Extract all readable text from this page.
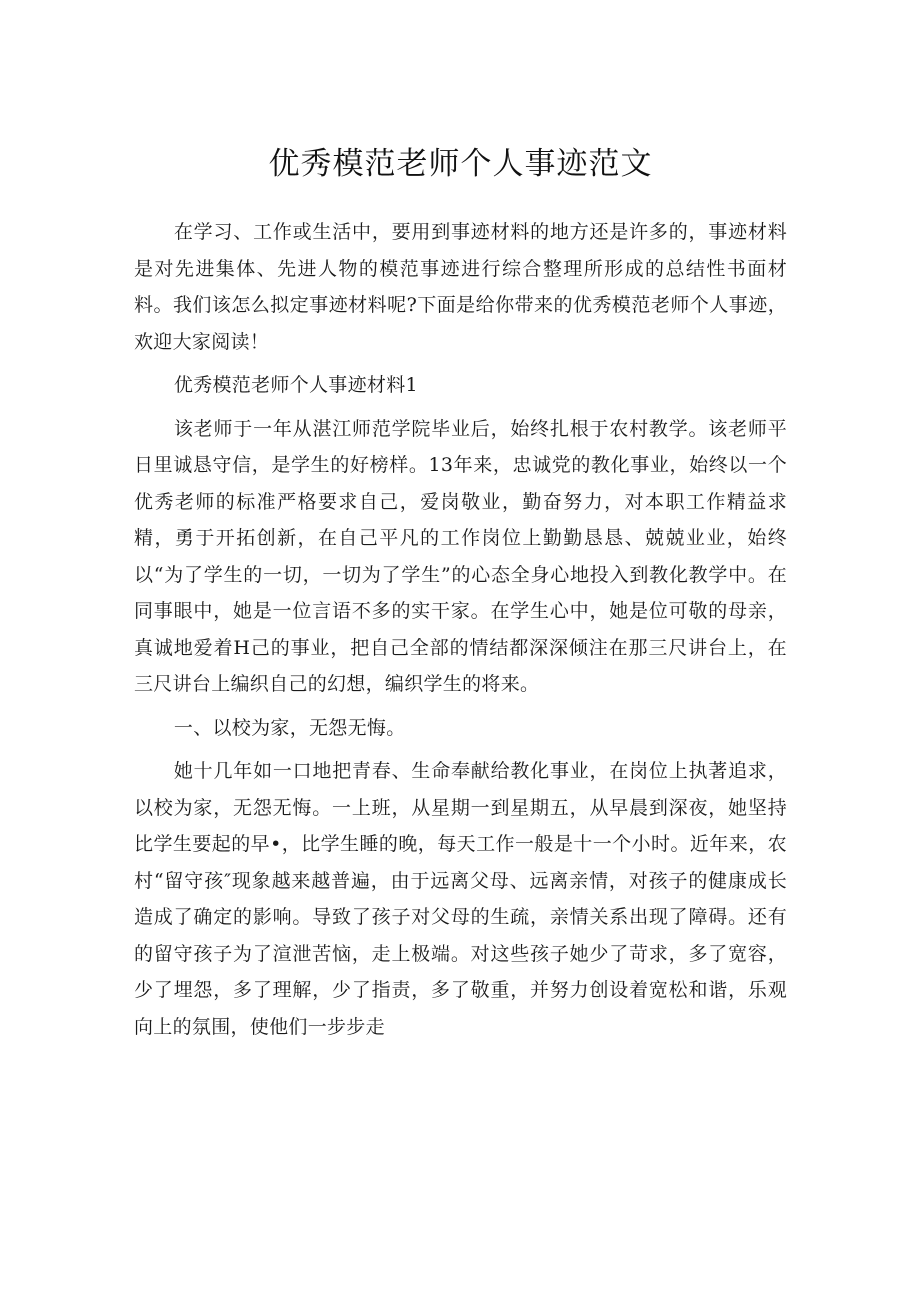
优秀模范老师个人事迹范文

在学习、工作或生活中，要用到事迹材料的地方还是许多的，事迹材料是对先进集体、先进人物的模范事迹进行综合整理所形成的总结性书面材料。我们该怎么拟定事迹材料呢?下面是给你带来的优秀模范老师个人事迹，欢迎大家阅读！

优秀模范老师个人事迹材料1

该老师于一年从湛江师范学院毕业后，始终扎根于农村教学。该老师平日里诚恳守信，是学生的好榜样。13年来，忠诚党的教化事业，始终以一个优秀老师的标准严格要求自己，爱岗敬业，勤奋努力，对本职工作精益求精，勇于开拓创新，在自己平凡的工作岗位上勤勤恳恳、兢兢业业，始终以“为了学生的一切，一切为了学生”的心态全身心地投入到教化教学中。在同事眼中，她是一位言语不多的实干家。在学生心中，她是位可敬的母亲，真诚地爱着H己的事业，把自己全部的情结都深深倾注在那三尺讲台上，在三尺讲台上编织自己的幻想，编织学生的将来。

一、以校为家，无怨无悔。

她十几年如一口地把青春、生命奉献给教化事业，在岗位上执著追求，以校为家，无怨无悔。一上班，从星期一到星期五，从早晨到深夜，她坚持比学生要起的早•，比学生睡的晚，每天工作一般是十一个小时。近年来，农村“留守孩″现象越来越普遍，由于远离父母、远离亲情，对孩子的健康成长造成了确定的影响。导致了孩子对父母的生疏，亲情关系出现了障碍。还有的留守孩子为了渲泄苦恼，走上极端。对这些孩子她少了苛求，多了宽容，少了埋怨，多了理解，少了指责，多了敬重，并努力创设着宽松和谐，乐观向上的氛围，使他们一步步走
